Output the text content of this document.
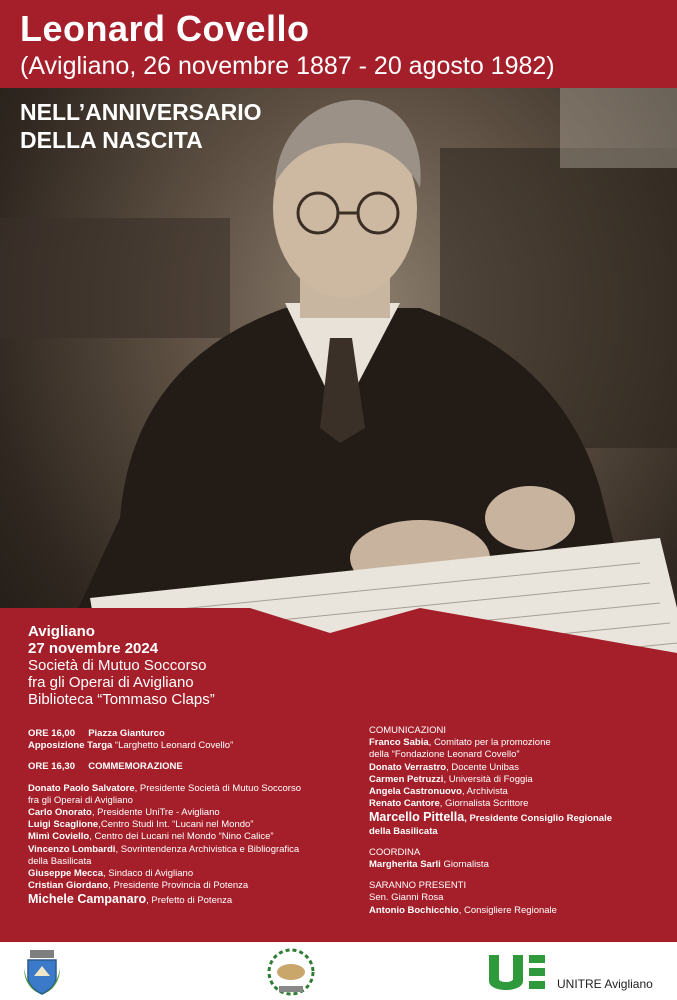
Leonard Covello
(Avigliano, 26 novembre 1887 - 20 agosto 1982)
NELL’ANNIVERSARIO
DELLA NASCITA
Avigliano
27 novembre 2024
Società di Mutuo Soccorso
fra gli Operai di Avigliano
Biblioteca “Tommaso Claps”
ORE 16,00 Piazza Gianturco
Apposizione Targa “Larghetto Leonard Covello”
ORE 16,30 COMMEMORAZIONE
Donato Paolo Salvatore, Presidente Società di Mutuo Soccorso
fra gli Operai di Avigliano
Carlo Onorato, Presidente UniTre - Avigliano
Luigi Scaglione,Centro Studi Int. “Lucani nel Mondo”
Mimì Coviello, Centro dei Lucani nel Mondo “Nino Calice”
Vincenzo Lombardi, Sovrintendenza Archivistica e Bibliografica
della Basilicata
Giuseppe Mecca, Sindaco di Avigliano
Cristian Giordano, Presidente Provincia di Potenza
Michele Campanaro, Prefetto di Potenza
COMUNICAZIONI
Franco Sabia, Comitato per la promozione
della “Fondazione Leonard Covello”
Donato Verrastro, Docente Unibas
Carmen Petruzzi, Università di Foggia
Angela Castronuovo, Archivista
Renato Cantore, Giornalista Scrittore
Marcello Pittella, Presidente Consiglio Regionale
della Basilicata
COORDINA
Margherita Sarli Giornalista
SARANNO PRESENTI
Sen. Gianni Rosa
Antonio Bochicchio, Consigliere Regionale
Comune di Avigliano	S.O.M.S. Avigliano	UNITRE Avigliano
